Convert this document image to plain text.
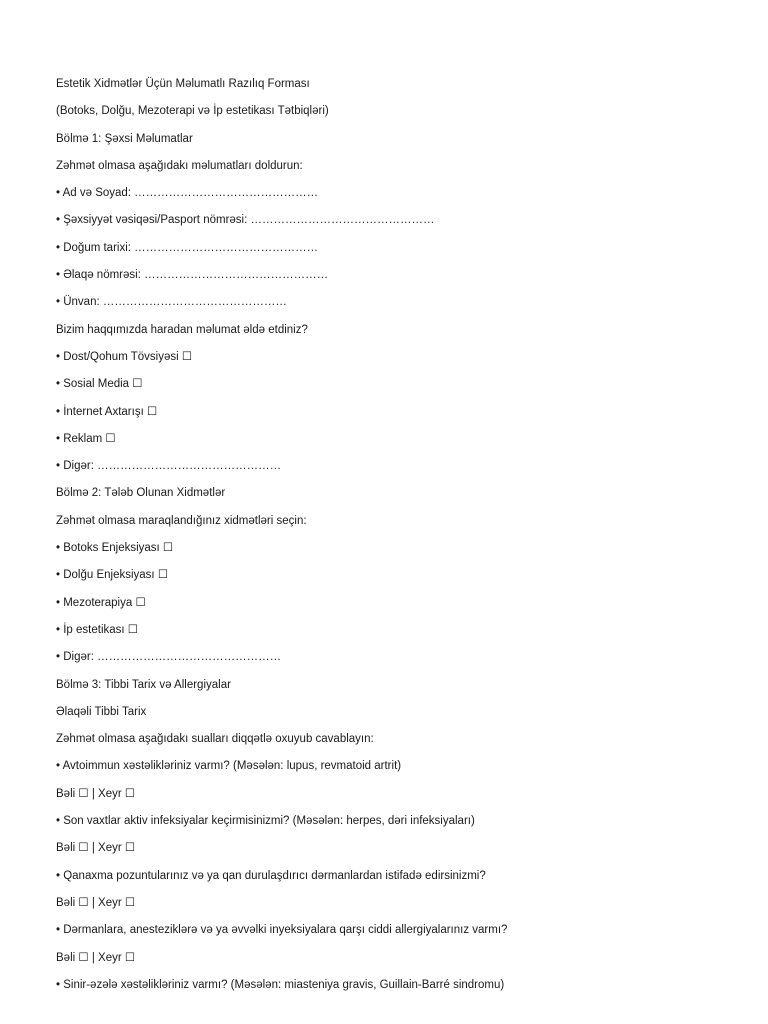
Estetik Xidmətlər Üçün Məlumatlı Razılıq Forması
(Botoks, Dolğu, Mezoterapi və İp estetikası Tətbiqləri)
Bölmə 1: Şəxsi Məlumatlar
Zəhmət olmasa aşağıdakı məlumatları doldurun:
• Ad və Soyad: …………………………………………
• Şəxsiyyət vəsiqəsi/Pasport nömrəsi: …………………………………………
• Doğum tarixi: …………………………………………
• Əlaqə nömrəsi: …………………………………………
• Ünvan: …………………………………………
Bizim haqqımızda haradan məlumat əldə etdiniz?
• Dost/Qohum Tövsiyəsi ☐
• Sosial Media ☐
• İnternet Axtarışı ☐
• Reklam ☐
• Digər: …………………………………………
Bölmə 2: Tələb Olunan Xidmətlər
Zəhmət olmasa maraqlandığınız xidmətləri seçin:
• Botoks Enjeksiyası ☐
• Dolğu Enjeksiyası ☐
• Mezoterapiya ☐
• İp estetikası ☐
• Digər: …………………………………………
Bölmə 3: Tibbi Tarix və Allergiyalar
Əlaqəli Tibbi Tarix
Zəhmət olmasa aşağıdakı sualları diqqətlə oxuyub cavablayın:
• Avtoimmun xəstəlikləriniz varmı? (Məsələn: lupus, revmatoid artrit)
Bəli ☐ | Xeyr ☐
• Son vaxtlar aktiv infeksiyalar keçirmisinizmi? (Məsələn: herpes, dəri infeksiyaları)
Bəli ☐ | Xeyr ☐
• Qanaxma pozuntularınız və ya qan durulaşdırıcı dərmanlardan istifadə edirsinizmi?
Bəli ☐ | Xeyr ☐
• Dərmanlara, anesteziklərə və ya əvvəlki inyeksiyalara qarşı ciddi allergiyalarınız varmı?
Bəli ☐ | Xeyr ☐
• Sinir-əzələ xəstəlikləriniz varmı? (Məsələn: miasteniya gravis, Guillain-Barré sindromu)
